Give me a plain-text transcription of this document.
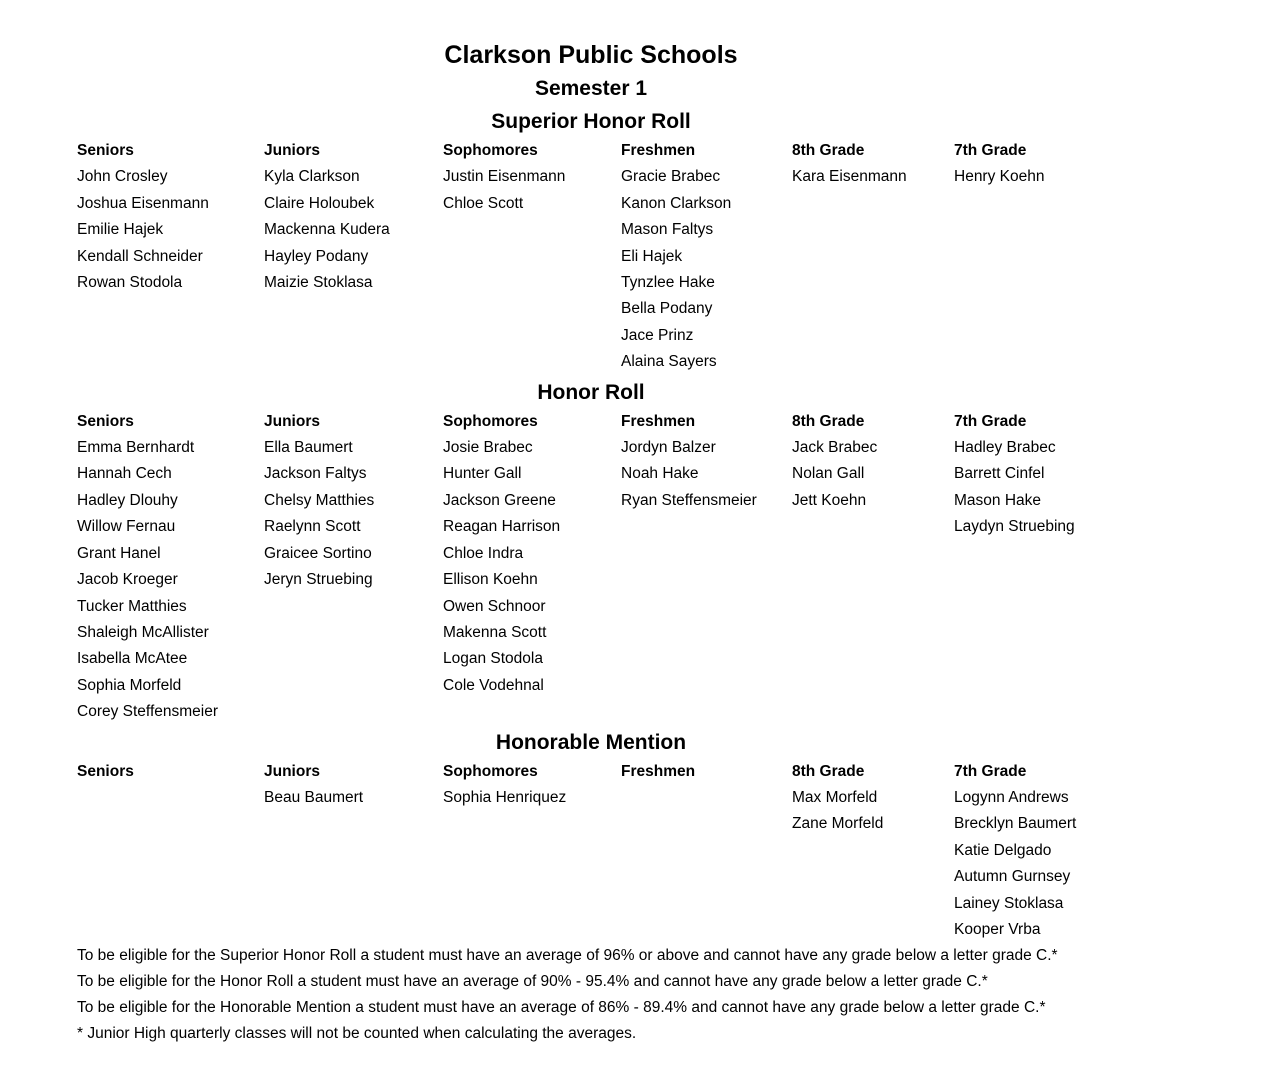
Clarkson Public Schools
Semester 1
Superior Honor Roll
Seniors
John Crosley
Joshua Eisenmann
Emilie Hajek
Kendall Schneider
Rowan Stodola
Juniors
Kyla Clarkson
Claire Holoubek
Mackenna Kudera
Hayley Podany
Maizie Stoklasa
Sophomores
Justin Eisenmann
Chloe Scott
Freshmen
Gracie Brabec
Kanon Clarkson
Mason Faltys
Eli Hajek
Tynzlee Hake
Bella Podany
Jace Prinz
Alaina Sayers
8th Grade
Kara Eisenmann
7th Grade
Henry Koehn
Honor Roll
Seniors
Emma Bernhardt
Hannah Cech
Hadley Dlouhy
Willow Fernau
Grant Hanel
Jacob Kroeger
Tucker Matthies
Shaleigh McAllister
Isabella McAtee
Sophia Morfeld
Corey Steffensmeier
Juniors
Ella Baumert
Jackson Faltys
Chelsy Matthies
Raelynn Scott
Graicee Sortino
Jeryn Struebing
Sophomores
Josie Brabec
Hunter Gall
Jackson Greene
Reagan Harrison
Chloe Indra
Ellison Koehn
Owen Schnoor
Makenna Scott
Logan Stodola
Cole Vodehnal
Freshmen
Jordyn Balzer
Noah Hake
Ryan Steffensmeier
8th Grade
Jack Brabec
Nolan Gall
Jett Koehn
7th Grade
Hadley Brabec
Barrett Cinfel
Mason Hake
Laydyn Struebing
Honorable Mention
Seniors	Juniors
Beau Baumert
Sophomores
Sophia Henriquez
Freshmen	8th Grade
Max Morfeld
Zane Morfeld
7th Grade
Logynn Andrews
Brecklyn Baumert
Katie Delgado
Autumn Gurnsey
Lainey Stoklasa
Kooper Vrba

To be eligible for the Superior Honor Roll a student must have an average of 96% or above and cannot have any grade below a letter grade C.*

To be eligible for the Honor Roll a student must have an average of 90% - 95.4% and cannot have any grade below a letter grade C.*

To be eligible for the Honorable Mention a student must have an average of 86% - 89.4% and cannot have any grade below a letter grade C.*

* Junior High quarterly classes will not be counted when calculating the averages.
